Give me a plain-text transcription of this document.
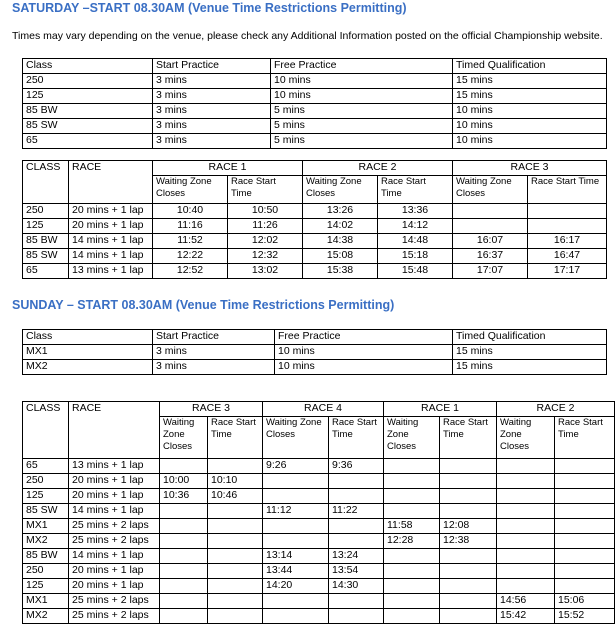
SATURDAY –START 08.30AM (Venue Time Restrictions Permitting)
Times may vary depending on the venue, please check any Additional Information posted on the official Championship website.
Class	Start Practice	Free Practice	Timed Qualification
250	3 mins	10 mins	15 mins
125	3 mins	10 mins	15 mins
85 BW	3 mins	5 mins	10 mins
85 SW	3 mins	5 mins	10 mins
65	3 mins	5 mins	10 mins
CLASS	RACE	RACE 1		RACE 2		RACE 3	
		Waiting Zone Closes	Race Start Time	Waiting Zone Closes	Race Start Time	Waiting Zone Closes	Race Start Time
250	20 mins + 1 lap	10:40	10:50	13:26	13:36		
125	20 mins + 1 lap	11:16	11:26	14:02	14:12		
85 BW	14 mins + 1 lap	11:52	12:02	14:38	14:48	16:07	16:17
85 SW	14 mins + 1 lap	12:22	12:32	15:08	15:18	16:37	16:47
65	13 mins + 1 lap	12:52	13:02	15:38	15:48	17:07	17:17
SUNDAY – START 08.30AM (Venue Time Restrictions Permitting)
Class	Start Practice	Free Practice	Timed Qualification
MX1	3 mins	10 mins	15 mins
MX2	3 mins	10 mins	15 mins
CLASS	RACE	RACE 3		RACE 4		RACE 1		RACE 2	
		Waiting Zone Closes	Race Start Time	Waiting Zone Closes	Race Start Time	Waiting Zone Closes	Race Start Time	Waiting Zone Closes	Race Start Time
65	13 mins + 1 lap			9:26	9:36				
250	20 mins + 1 lap	10:00	10:10						
125	20 mins + 1 lap	10:36	10:46						
85 SW	14 mins + 1 lap			11:12	11:22				
MX1	25 mins + 2 laps					11:58	12:08		
MX2	25 mins + 2 laps					12:28	12:38		
85 BW	14 mins + 1 lap			13:14	13:24				
250	20 mins + 1 lap			13:44	13:54				
125	20 mins + 1 lap			14:20	14:30				
MX1	25 mins + 2 laps							14:56	15:06
MX2	25 mins + 2 laps							15:42	15:52
